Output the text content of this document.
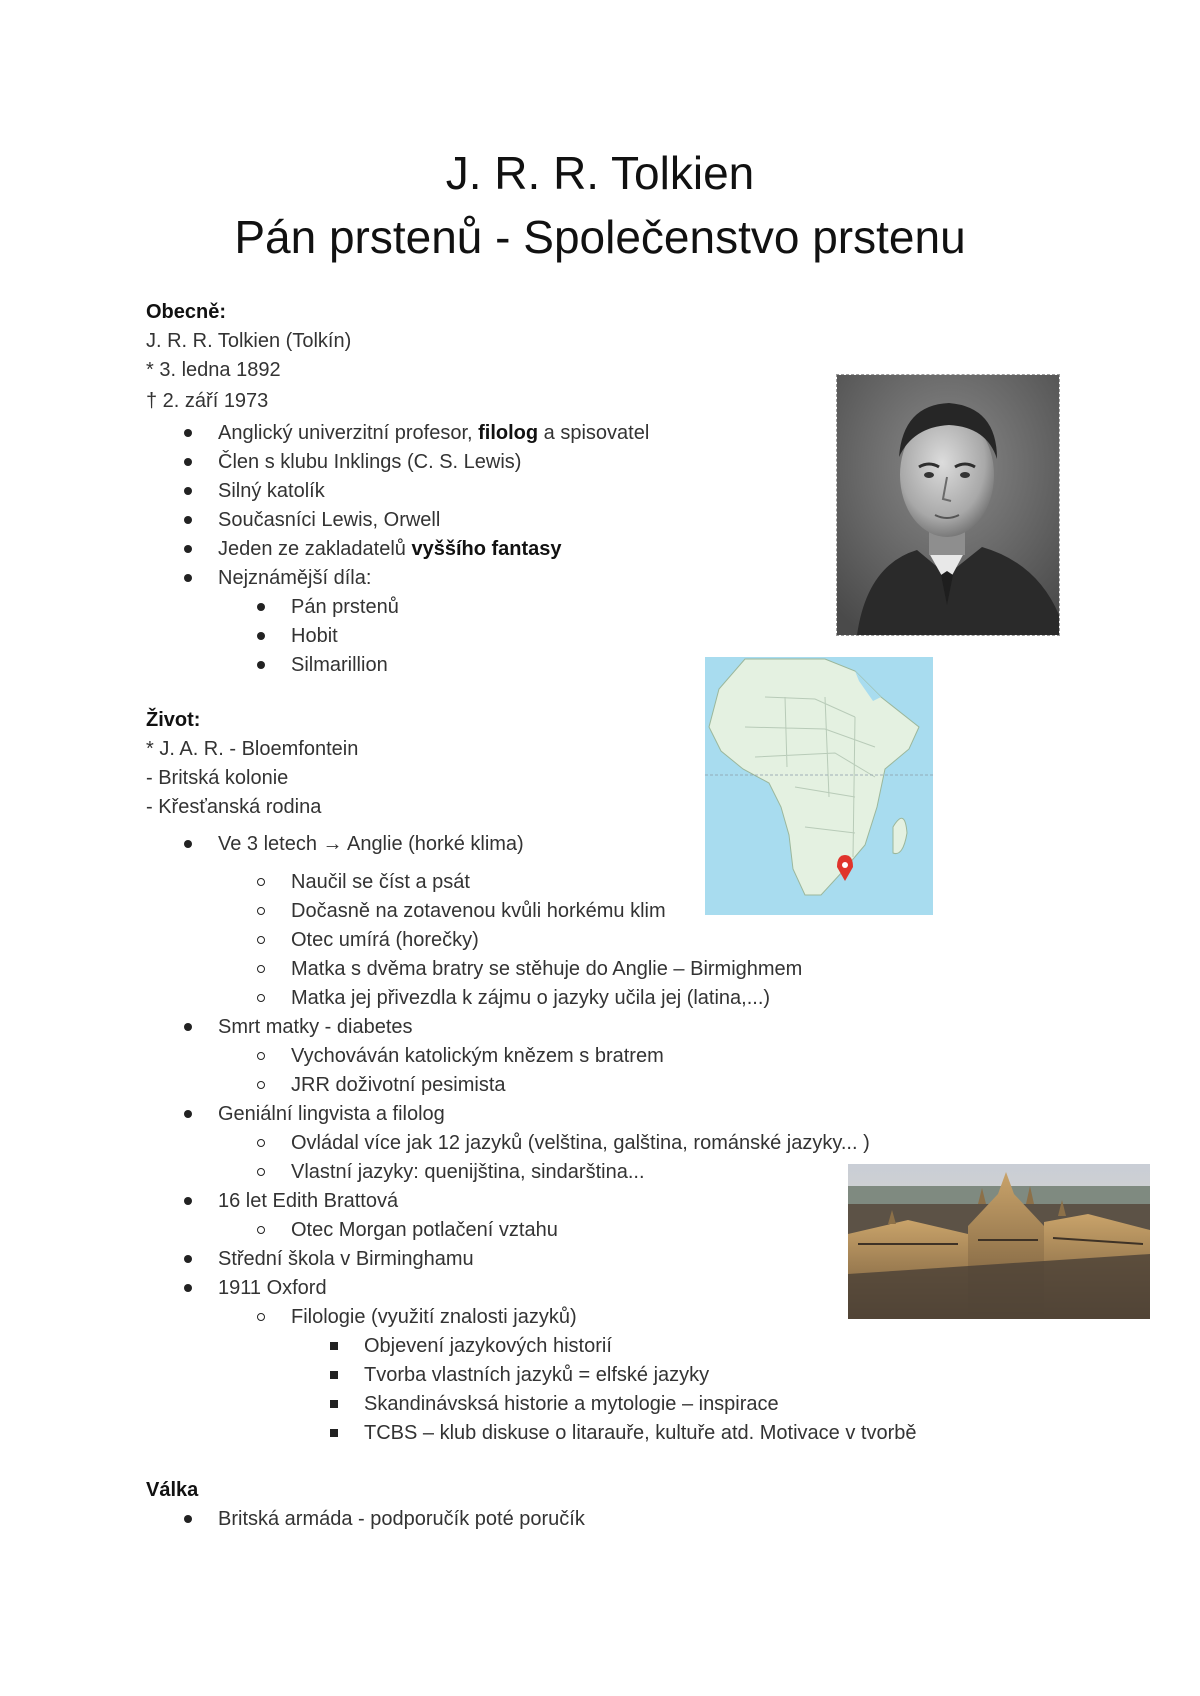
J. R. R. Tolkien
Pán prstenů - Společenstvo prstenu
Obecně:
J. R. R. Tolkien (Tolkín)
* 3. ledna 1892
† 2. září 1973
Anglický univerzitní profesor, filolog a spisovatel
Člen s klubu Inklings (C. S. Lewis)
Silný katolík
Současníci Lewis, Orwell
Jeden ze zakladatelů vyššího fantasy
Nejznámější díla:
Pán prstenů
Hobit
Silmarillion
Život:
* J. A. R. - Bloemfontein
- Britská kolonie
- Křesťanská rodina
Ve 3 letech → Anglie (horké klima)
Naučil se číst a psát
Dočasně na zotavenou kvůli horkému klim
Otec umírá (horečky)
Matka s dvěma bratry se stěhuje do Anglie – Birmighmem
Matka jej přivezdla k zájmu o jazyky učila jej (latina,...)
Smrt matky - diabetes
Vychováván katolickým knězem s bratrem
JRR doživotní pesimista
Geniální lingvista a filolog
Ovládal více jak 12 jazyků (velština, galština, románské jazyky... )
Vlastní jazyky: quenijština, sindarština...
16 let Edith Brattová
Otec Morgan potlačení vztahu
Střední škola v Birminghamu
1911 Oxford
Filologie (využití znalosti jazyků)
Objevení jazykových historií
Tvorba vlastních jazyků = elfské jazyky
Skandinávsksá historie a mytologie – inspirace
TCBS – klub diskuse o litarauře, kultuře atd. Motivace v tvorbě
Válka
Britská armáda - podporučík poté poručík
